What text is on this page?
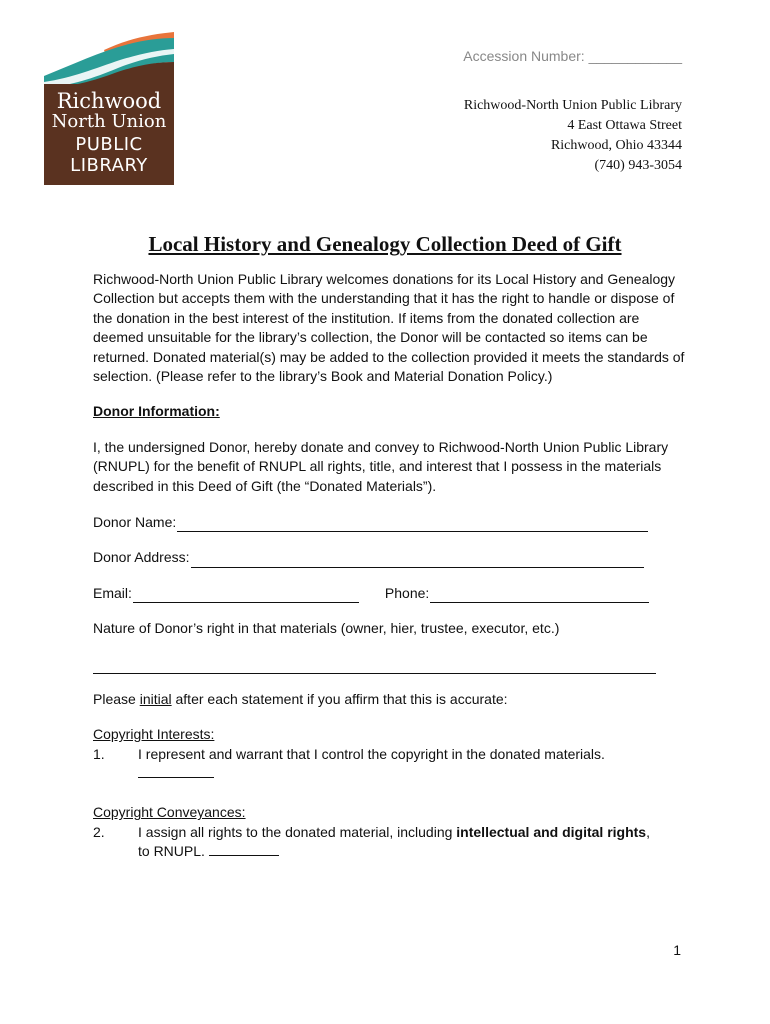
Richwood
North Union
PUBLIC
LIBRARY
Accession Number: ____________
Richwood-North Union Public Library
4 East Ottawa Street
Richwood, Ohio 43344
(740) 943-3054
Local History and Genealogy Collection Deed of Gift

Richwood-North Union Public Library welcomes donations for its Local History and Genealogy Collection but accepts them with the understanding that it has the right to handle or dispose of the donation in the best interest of the institution. If items from the donated collection are deemed unsuitable for the library’s collection, the Donor will be contacted so items can be returned. Donated material(s) may be added to the collection provided it meets the standards of selection. (Please refer to the library’s Book and Material Donation Policy.)

Donor Information:

I, the undersigned Donor, hereby donate and convey to Richwood-North Union Public Library (RNUPL) for the benefit of RNUPL all rights, title, and interest that I possess in the materials described in this Deed of Gift (the “Donated Materials”).

Donor Name:
Donor Address:
Email:	Phone:

Nature of Donor’s right in that materials (owner, hier, trustee, executor, etc.)

Please initial after each statement if you affirm that this is accurate:

Copyright Interests:

1.	I represent and warrant that I control the copyright in the donated materials.

Copyright Conveyances:

2.	I assign all rights to the donated material, including intellectual and digital rights, to RNUPL.
1
